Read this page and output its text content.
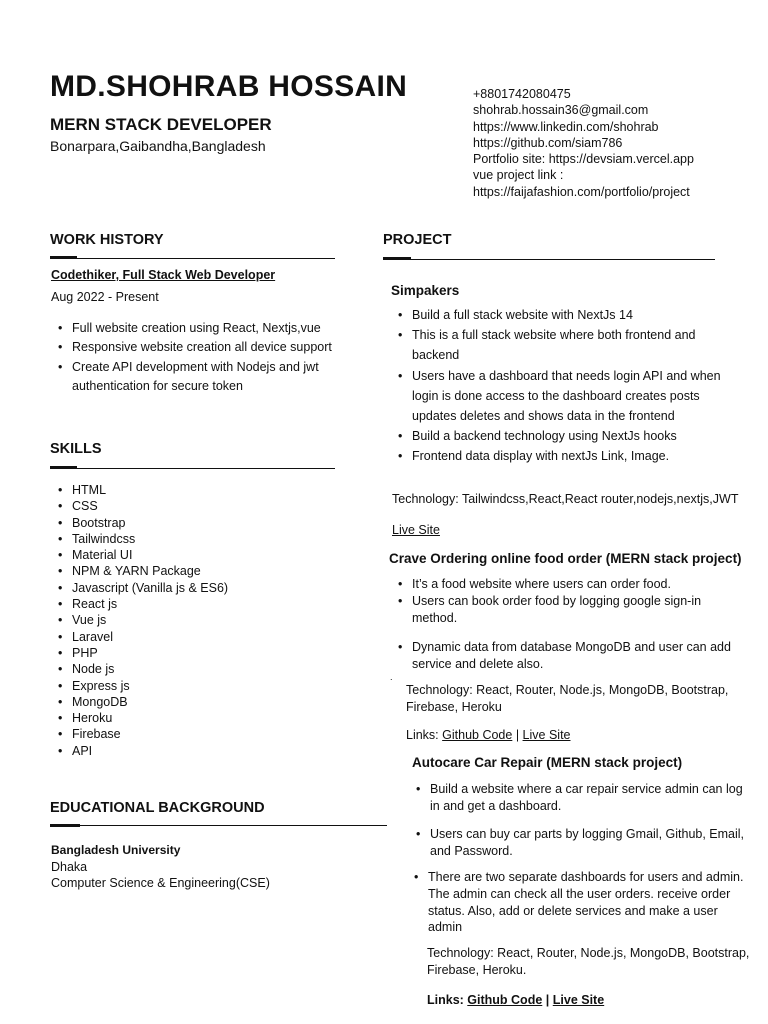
MD.SHOHRAB HOSSAIN
MERN STACK DEVELOPER
Bonarpara,Gaibandha,Bangladesh
+8801742080475
shohrab.hossain36@gmail.com
https://www.linkedin.com/shohrab
https://github.com/siam786
Portfolio site: https://devsiam.vercel.app
vue project link :
https://faijafashion.com/portfolio/project
WORK HISTORY
Codethiker, Full Stack Web Developer
Aug 2022 - Present
• Full website creation using React, Nextjs,vue
• Responsive website creation all device support
• Create API development with Nodejs and jwt authentication for secure token
SKILLS
• HTML
• CSS
• Bootstrap
• Tailwindcss
• Material UI
• NPM & YARN Package
• Javascript (Vanilla js & ES6)
• React js
• Vue js
• Laravel
• PHP
• Node js
• Express js
• MongoDB
• Heroku
• Firebase
• API
EDUCATIONAL BACKGROUND
Bangladesh University
Dhaka
Computer Science & Engineering(CSE)
PROJECT
Simpakers
• Build a full stack website with NextJs 14
• This is a full stack website where both frontend and backend
• Users have a dashboard that needs login API and when login is done access to the dashboard creates posts updates deletes and shows data in the frontend
• Build a backend technology using NextJs hooks
• Frontend data display with nextJs Link, Image.
Technology: Tailwindcss,React,React router,nodejs,nextjs,JWT
Live Site
Crave Ordering online food order (MERN stack project)
• It’s a food website where users can order food.
• Users can book order food by logging google sign-in method.
• Dynamic data from database MongoDB and user can add service and delete also.
.
Technology: React, Router, Node.js, MongoDB, Bootstrap, Firebase, Heroku
Links: Github Code | Live Site
Autocare Car Repair (MERN stack project)
• Build a website where a car repair service admin can log in and get a dashboard.
• Users can buy car parts by logging Gmail, Github, Email, and Password.
• There are two separate dashboards for users and admin. The admin can check all the user orders. receive order status. Also, add or delete services and make a user admin
Technology: React, Router, Node.js, MongoDB, Bootstrap, Firebase, Heroku.
Links: Github Code | Live Site
